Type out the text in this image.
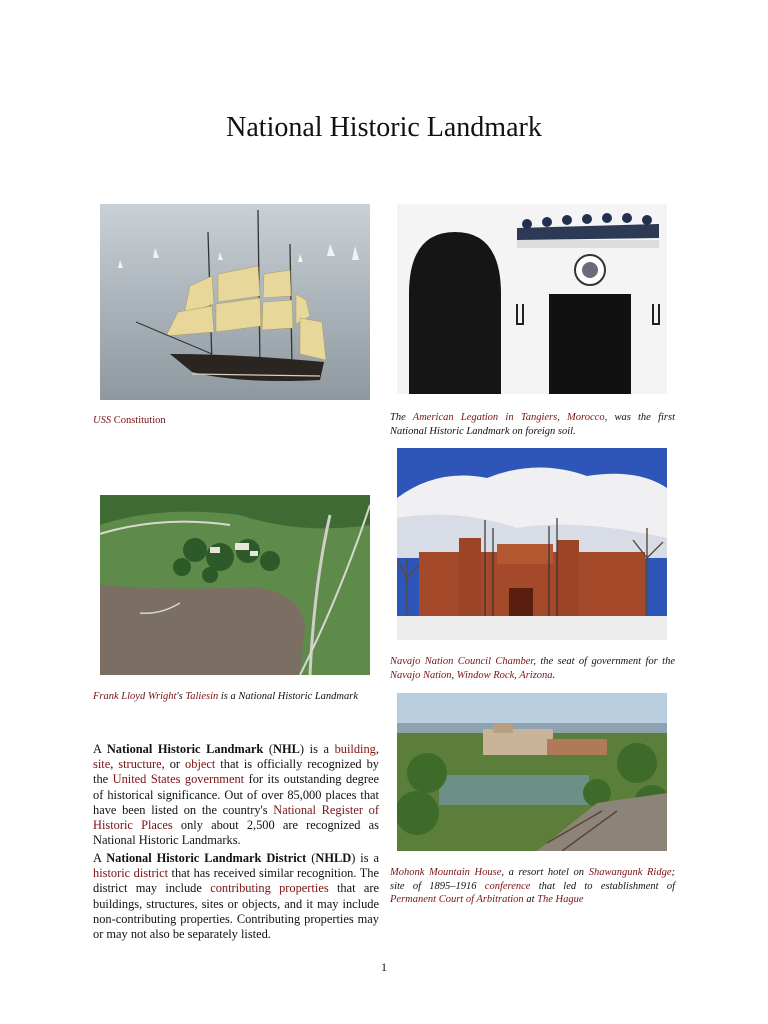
National Historic Landmark
USS Constitution	The American Legation in Tangiers, Morocco, was the first National Historic Landmark on foreign soil.
Frank Lloyd Wright's Taliesin is a National Historic Landmark
Navajo Nation Council Chamber, the seat of government for the Navajo Nation, Window Rock, Arizona.
Mohonk Mountain House, a resort hotel on Shawangunk Ridge; site of 1895–1916 conference that led to establishment of Permanent Court of Arbitration at The Hague

A National Historic Landmark (NHL) is a building, site, structure, or object that is officially recognized by the United States government for its outstanding degree of historical significance. Out of over 85,000 places that have been listed on the country's National Register of Historic Places only about 2,500 are recognized as National Historic Landmarks.

A National Historic Landmark District (NHLD) is a historic district that has received similar recognition. The district may include contributing properties that are buildings, structures, sites or objects, and it may include non-contributing properties. Contributing properties may or may not also be separately listed.

1
